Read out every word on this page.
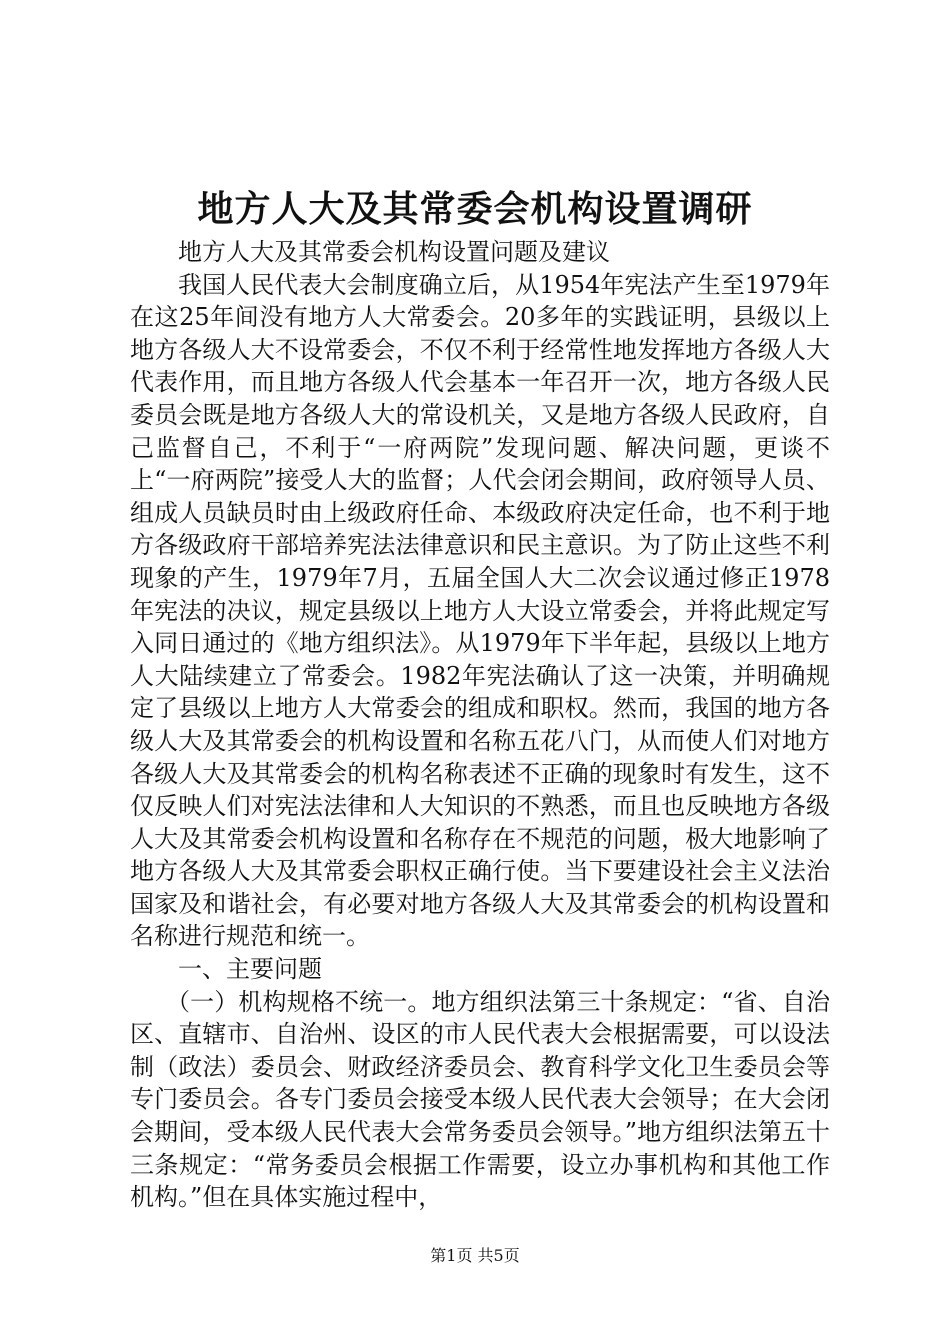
地方人大及其常委会机构设置调研

地方人大及其常委会机构设置问题及建议

我国人民代表大会制度确立后，从1954年宪法产生至1979年在这25年间没有地方人大常委会。20多年的实践证明，县级以上地方各级人大不设常委会，不仅不利于经常性地发挥地方各级人大代表作用，而且地方各级人代会基本一年召开一次，地方各级人民委员会既是地方各级人大的常设机关，又是地方各级人民政府，自己监督自己，不利于“一府两院”发现问题、解决问题，更谈不上“一府两院”接受人大的监督；人代会闭会期间，政府领导人员、组成人员缺员时由上级政府任命、本级政府决定任命，也不利于地方各级政府干部培养宪法法律意识和民主意识。为了防止这些不利现象的产生，1979年7月，五届全国人大二次会议通过修正1978年宪法的决议，规定县级以上地方人大设立常委会，并将此规定写入同日通过的《地方组织法》。从1979年下半年起，县级以上地方人大陆续建立了常委会。1982年宪法确认了这一决策，并明确规定了县级以上地方人大常委会的组成和职权。然而，我国的地方各级人大及其常委会的机构设置和名称五花八门，从而使人们对地方各级人大及其常委会的机构名称表述不正确的现象时有发生，这不仅反映人们对宪法法律和人大知识的不熟悉，而且也反映地方各级人大及其常委会机构设置和名称存在不规范的问题，极大地影响了地方各级人大及其常委会职权正确行使。当下要建设社会主义法治国家及和谐社会，有必要对地方各级人大及其常委会的机构设置和名称进行规范和统一。

一、主要问题

（一）机构规格不统一。地方组织法第三十条规定：“省、自治区、直辖市、自治州、设区的市人民代表大会根据需要，可以设法制（政法）委员会、财政经济委员会、教育科学文化卫生委员会等专门委员会。各专门委员会接受本级人民代表大会领导；在大会闭会期间，受本级人民代表大会常务委员会领导。”地方组织法第五十三条规定：“常务委员会根据工作需要，设立办事机构和其他工作机构。”但在具体实施过程中，

第1页 共5页
